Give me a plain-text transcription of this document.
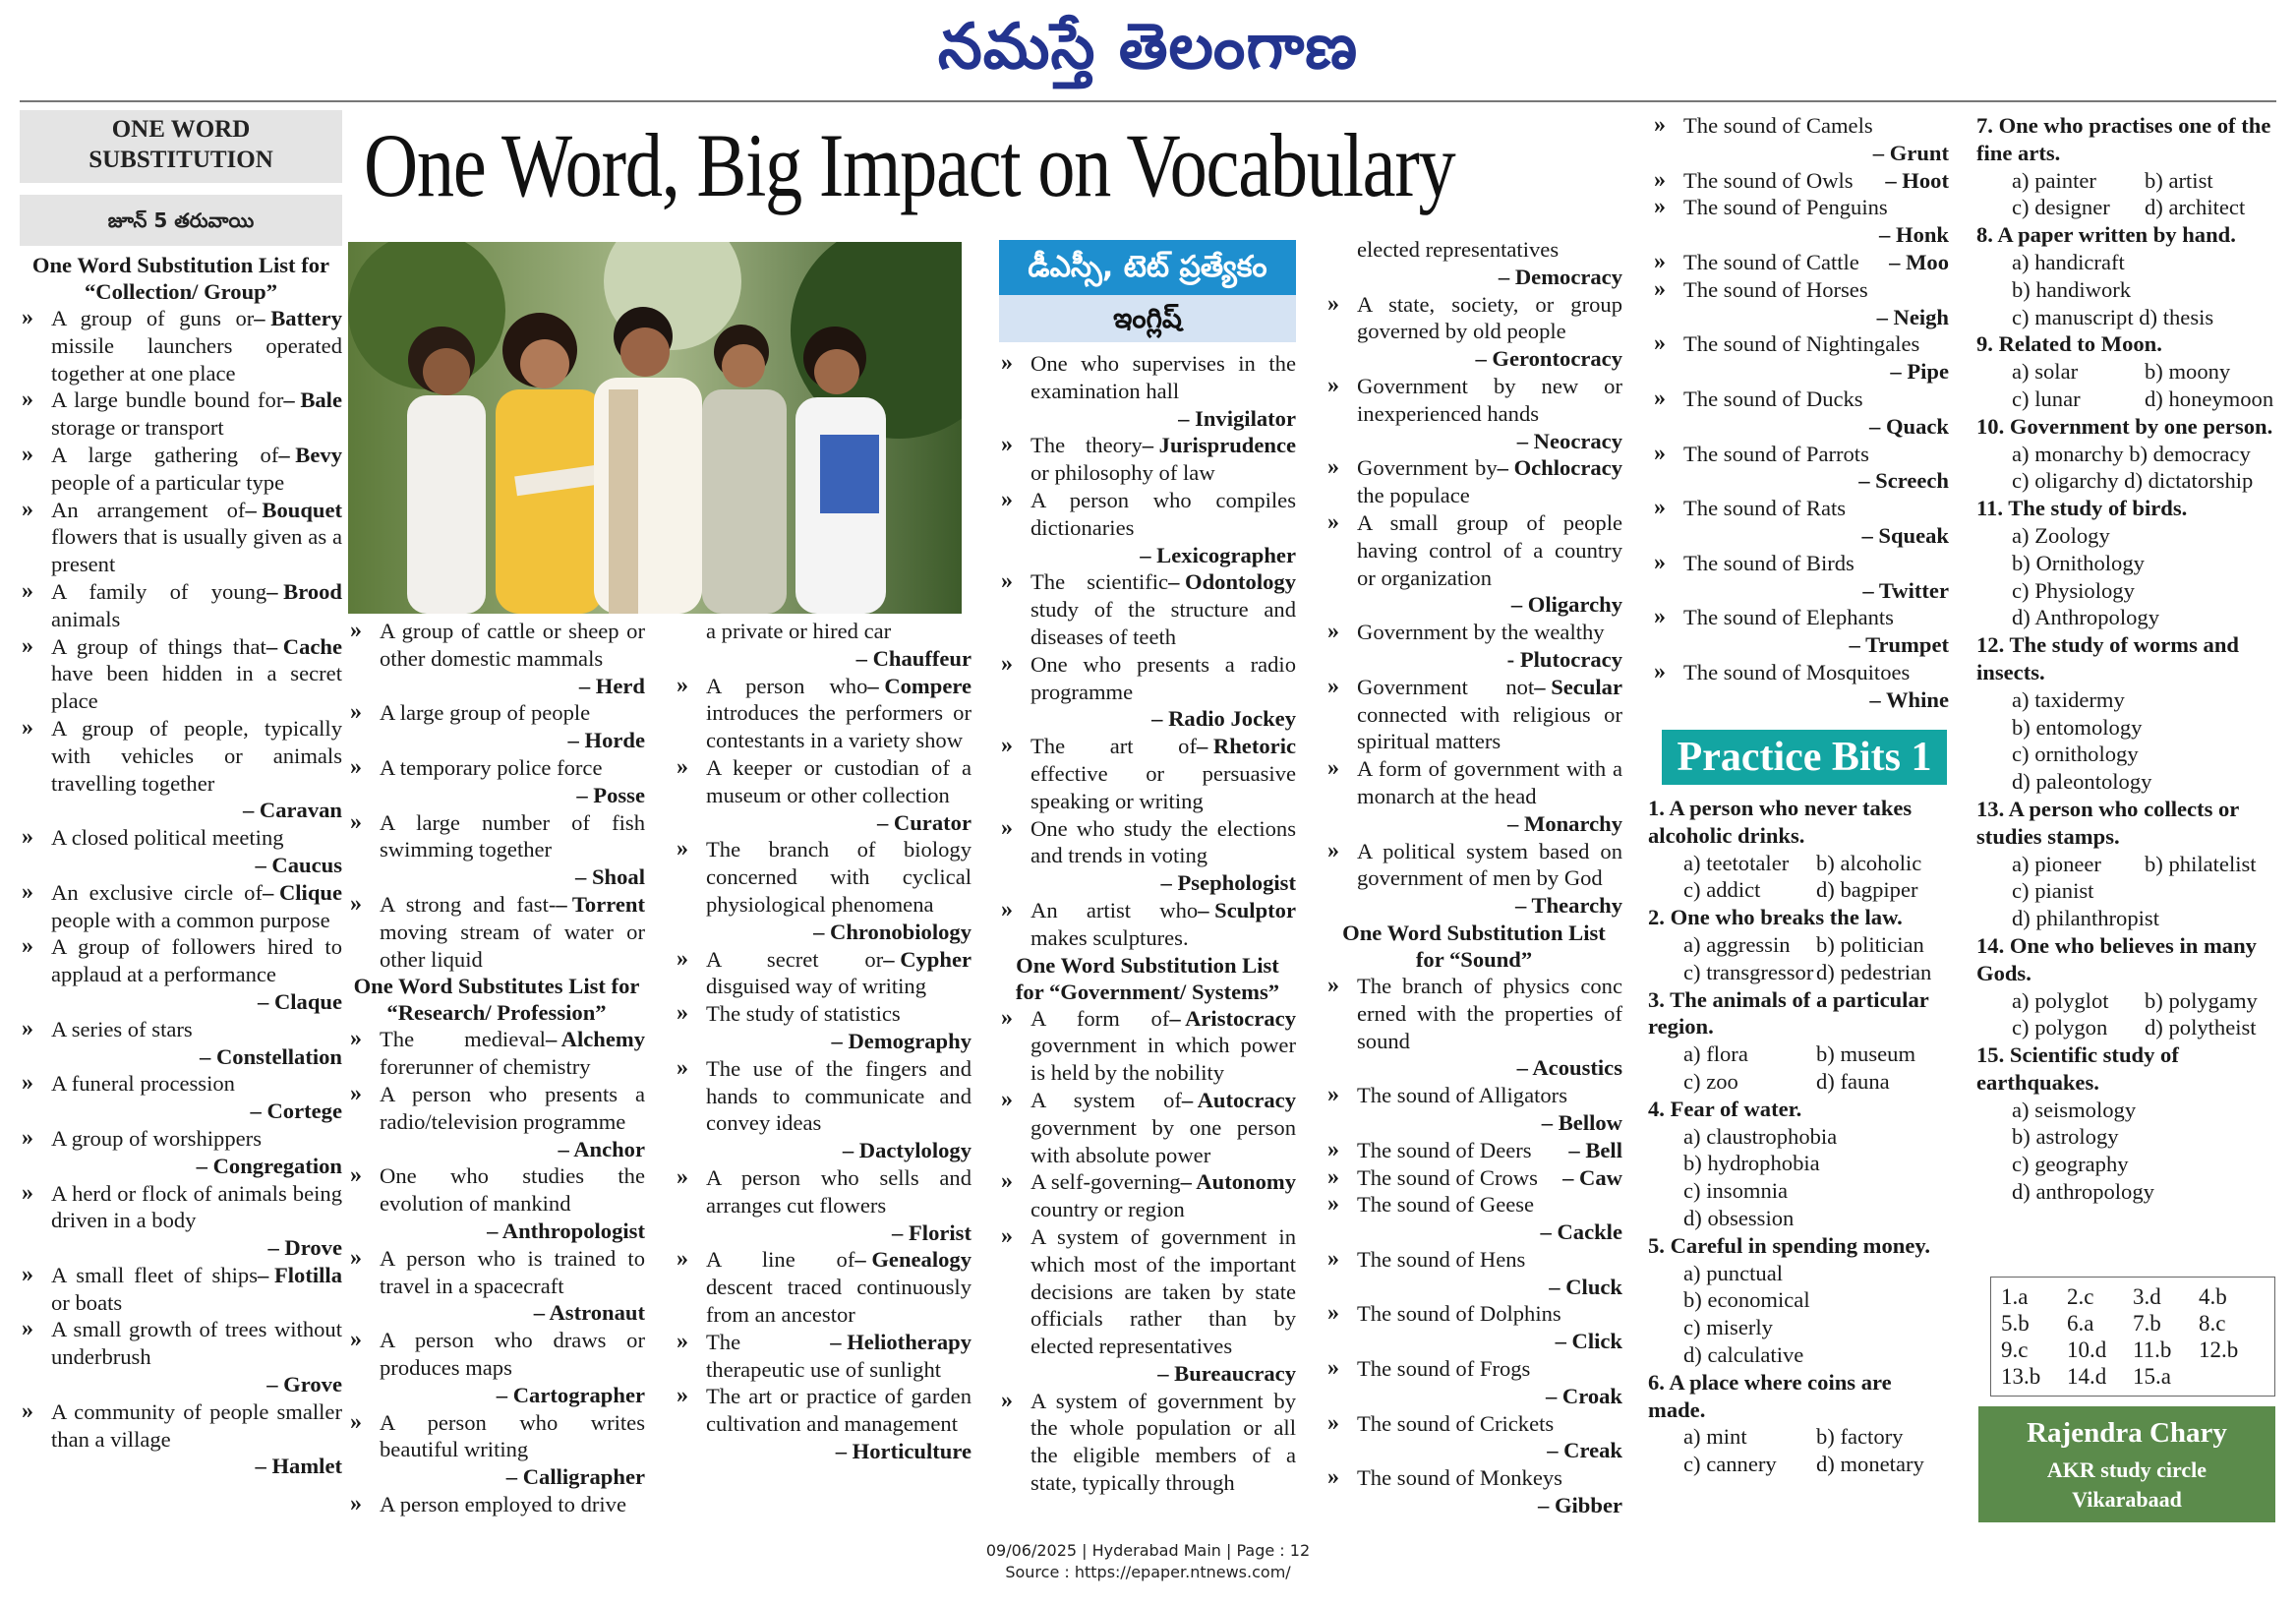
నమస్తే తెలంగాణ
One Word, Big Impact on Vocabulary
ONE WORD SUBSTITUTION
జూన్ 5 తరువాయి
One Word Substitution List for “Collection/ Group”
» – Battery
A group of guns or missile launchers operated together at one place
» – Bale
A large bundle bound for storage or transport
» – Bevy
A large gathering of people of a particular type
» – Bouquet
An arrangement of flowers that is usually given as a present
» – Brood
A family of young animals
» – Cache
A group of things that have been hidden in a secret place
» A group of people, typically with vehicles or animals travelling together
– Caravan
» A closed political meeting
– Caucus
» – Clique
An exclusive circle of people with a common purpose
» A group of followers hired to applaud at a performance
– Claque
» A series of stars
– Constellation
» A funeral procession
– Cortege
» A group of worshippers
– Congregation
» A herd or flock of animals being driven in a body
– Drove
» – Flotilla
A small fleet of ships or boats
» A small growth of trees without underbrush
– Grove
» A community of people smaller than a village
– Hamlet
» A group of cattle or sheep or other domestic mammals
– Herd
» A large group of people
– Horde
» A temporary police force
– Posse
» A large number of fish swimming together
– Shoal
» – Torrent
A strong and fast-moving stream of water or other liquid
One Word Substitutes List for “Research/ Profession”
» – Alchemy
The medieval forerunner of chemistry
» A person who presents a radio/television programme
– Anchor
» One who studies the evolution of mankind
– Anthropologist
» A person who is trained to travel in a spacecraft
– Astronaut
» A person who draws or produces maps
– Cartographer
» A person who writes beautiful writing
– Calligrapher
» A person employed to drive
a private or hired car
– Chauffeur
» – Compere
A person who introduces the performers or contestants in a variety show
» A keeper or custodian of a museum or other collection
– Curator
» The branch of biology concerned with cyclical physiological phenomena
– Chronobiology
» – Cypher
A secret or disguised way of writing
» The study of statistics
– Demography
» The use of the fingers and hands to communicate and convey ideas
– Dactylology
» A person who sells and arranges cut flowers
– Florist
» – Genealogy
A line of descent traced continuously from an ancestor
» – Heliotherapy
The therapeutic use of sunlight
» The art or practice of garden cultivation and management
– Horticulture
డీఎస్సీ, టెట్ ప్రత్యేకం
ఇంగ్లిష్
» One who supervises in the examination hall
– Invigilator
» – Jurisprudence
The theory or philosophy of law
» A person who compiles dictionaries
– Lexicographer
» – Odontology
The scientific study of the structure and diseases of teeth
» One who presents a radio programme
– Radio Jockey
» – Rhetoric
The art of effective or persuasive speaking or writing
» One who study the elections and trends in voting
– Psephologist
» – Sculptor
An artist who makes sculptures.
One Word Substitution List for “Government/ Systems”
» – Aristocracy
A form of government in which power is held by the nobility
» – Autocracy
A system of government by one person with absolute power
» – Autonomy
A self-governing country or region
» A system of government in which most of the important decisions are taken by state officials rather than by elected representatives
– Bureaucracy
» A system of government by the whole population or all the eligible members of a state, typically through
elected representatives
– Democracy
» A state, society, or group governed by old people
– Gerontocracy
» Government by new or inexperienced hands
– Neocracy
» – Ochlocracy
Government by the populace
» A small group of people having control of a country or organization
– Oligarchy
» Government by the wealthy
- Plutocracy
» – Secular
Government not connected with religious or spiritual matters
» A form of government with a monarch at the head
– Monarchy
» A political system based on government of men by God
– Thearchy
One Word Substitution List for “Sound”
» The branch of physics conc erned with the properties of sound
– Acoustics
» The sound of Alligators
– Bellow
» – Bell
The sound of Deers
» – Caw
The sound of Crows
» The sound of Geese
– Cackle
» The sound of Hens
– Cluck
» The sound of Dolphins
– Click
» The sound of Frogs
– Croak
» The sound of Crickets
– Creak
» The sound of Monkeys
– Gibber
» The sound of Camels
– Grunt
» – Hoot
The sound of Owls
» The sound of Penguins
– Honk
» – Moo
The sound of Cattle
» The sound of Horses
– Neigh
» The sound of Nightingales
– Pipe
» The sound of Ducks
– Quack
» The sound of Parrots
– Screech
» The sound of Rats
– Squeak
» The sound of Birds
– Twitter
» The sound of Elephants
– Trumpet
» The sound of Mosquitoes
– Whine
Practice Bits 1
1. A person who never takes alcoholic drinks.
a) teetotaler	b) alcoholic
c) addict	d) bagpiper
2. One who breaks the law.
a) aggressin	b) politician
c) transgressor d) pedestrian
3. The animals of a particular region.
a) flora	b) museum
c) zoo	d) fauna
4. Fear of water.
a) claustrophobia
b) hydrophobia
c) insomnia
d) obsession
5. Careful in spending money.
a) punctual
b) economical
c) miserly
d) calculative
6. A place where coins are made.
a) mint	b) factory
c) cannery	d) monetary
7. One who practises one of the fine arts.
a) painter	b) artist
c) designer	d) architect
8. A paper written by hand.
a) handicraft
b) handiwork
c) manuscript d) thesis
9. Related to Moon.
a) solar	b) moony
c) lunar	d) honeymoon
10. Government by one person.
a) monarchy b) democracy
c) oligarchy d) dictatorship
11. The study of birds.
a) Zoology
b) Ornithology
c) Physiology
d) Anthropology
12. The study of worms and insects.
a) taxidermy
b) entomology
c) ornithology
d) paleontology
13. A person who collects or studies stamps.
a) pioneer	b) philatelist
c) pianist
d) philanthropist
14. One who believes in many Gods.
a) polyglot	b) polygamy
c) polygon	d) polytheist
15. Scientific study of earthquakes.
a) seismology
b) astrology
c) geography
d) anthropology
1.a	2.c	3.d	4.b
5.b	6.a	7.b	8.c
9.c	10.d	11.b	12.b
13.b	14.d	15.a
Rajendra Chary
AKR study circle
Vikarabaad
09/06/2025 | Hyderabad Main | Page : 12
Source : https://epaper.ntnews.com/
